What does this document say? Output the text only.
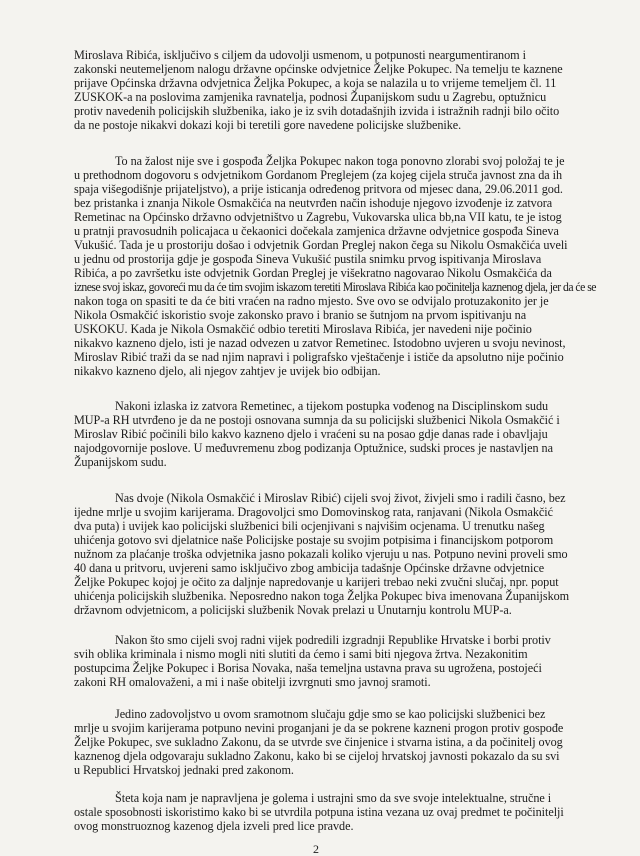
Miroslava Ribića, isključivo s ciljem da udovolji usmenom, u potpunosti neargumentiranom i
zakonski neutemeljenom nalogu državne općinske odvjetnice Željke Pokupec. Na temelju te kaznene
prijave Općinska državna odvjetnica Željka Pokupec, a koja se nalazila u to vrijeme temeljem čl. 11
ZUSKOK-a na poslovima zamjenika ravnatelja, podnosi Županijskom sudu u Zagrebu, optužnicu
protiv navedenih policijskih službenika, iako je iz svih dotadašnjih izvida i istražnih radnji bilo očito
da ne postoje nikakvi dokazi koji bi teretili gore navedene policijske službenike.
To na žalost nije sve i gospođa Željka Pokupec nakon toga ponovno zlorabi svoj položaj te je
u prethodnom dogovoru s odvjetnikom Gordanom Preglejem (za kojeg cijela struča javnost zna da ih
spaja višegodišnje prijateljstvo), a prije isticanja određenog pritvora od mjesec dana, 29.06.2011 god.
bez pristanka i znanja Nikole Osmakčića na neutvrđen način ishoduje njegovo izvođenje iz zatvora
Remetinac na Općinsko državno odvjetništvo u Zagrebu, Vukovarska ulica bb,na VII katu, te je istog
u pratnji pravosudnih policajaca u čekaonici dočekala zamjenica državne odvjetnice gospođa Sineva
Vukušić. Tada je u prostoriju došao i odvjetnik Gordan Preglej nakon čega su Nikolu Osmakčića uveli
u jednu od prostorija gdje je gospođa Sineva Vukušić pustila snimku prvog ispitivanja Miroslava
Ribića, a po završetku iste odvjetnik Gordan Preglej je višekratno nagovarao Nikolu Osmakčića da
iznese svoj iskaz, govoreći mu da će tim svojim iskazom teretiti Miroslava Ribića kao počinitelja kaznenog djela, jer da će se
nakon toga on spasiti te da će biti vraćen na radno mjesto. Sve ovo se odvijalo protuzakonito jer je
Nikola Osmakčić iskoristio svoje zakonsko pravo i branio se šutnjom na prvom ispitivanju na
USKOKU. Kada je Nikola Osmakčić odbio teretiti Miroslava Ribića, jer navedeni nije počinio
nikakvo kazneno djelo, isti je nazad odvezen u zatvor Remetinec. Istodobno uvjeren u svoju nevinost,
Miroslav Ribić traži da se nad njim napravi i poligrafsko vještačenje i ističe da apsolutno nije počinio
nikakvo kazneno djelo, ali njegov zahtjev je uvijek bio odbijan.
Nakoni izlaska iz zatvora Remetinec, a tijekom postupka vođenog na Disciplinskom sudu
MUP-a RH utvrđeno je da ne postoji osnovana sumnja da su policijski službenici Nikola Osmakčić i
Miroslav Ribić počinili bilo kakvo kazneno djelo i vraćeni su na posao gdje danas rade i obavljaju
najodgovornije poslove. U međuvremenu zbog podizanja Optužnice, sudski proces je nastavljen na
Županijskom sudu.
Nas dvoje (Nikola Osmakčić i Miroslav Ribić) cijeli svoj život, živjeli smo i radili časno, bez
ijedne mrlje u svojim karijerama. Dragovoljci smo Domovinskog rata, ranjavani (Nikola Osmakčić
dva puta) i uvijek kao policijski službenici bili ocjenjivani s najvišim ocjenama. U trenutku našeg
uhićenja gotovo svi djelatnice naše Policijske postaje su svojim potpisima i financijskom potporom
nužnom za plaćanje troška odvjetnika jasno pokazali koliko vjeruju u nas. Potpuno nevini proveli smo
40 dana u pritvoru, uvjereni samo isključivo zbog ambicija tadašnje Općinske državne odvjetnice
Željke Pokupec kojoj je očito za daljnje napredovanje u karijeri trebao neki zvučni slučaj, npr. poput
uhićenja policijskih službenika. Neposredno nakon toga Željka Pokupec biva imenovana Županijskom
državnom odvjetnicom, a policijski službenik Novak prelazi u Unutarnju kontrolu MUP-a.
Nakon što smo cijeli svoj radni vijek podredili izgradnji Republike Hrvatske i borbi protiv
svih oblika kriminala i nismo mogli niti slutiti da ćemo i sami biti njegova žrtva. Nezakonitim
postupcima Željke Pokupec i Borisa Novaka, naša temeljna ustavna prava su ugrožena, postojeći
zakoni RH omalovaženi, a mi i naše obitelji izvrgnuti smo javnoj sramoti.
Jedino zadovoljstvo u ovom sramotnom slučaju gdje smo se kao policijski službenici bez
mrlje u svojim karijerama potpuno nevini proganjani je da se pokrene kazneni progon protiv gospođe
Željke Pokupec, sve sukladno Zakonu, da se utvrde sve činjenice i stvarna istina, a da počinitelj ovog
kaznenog djela odgovaraju sukladno Zakonu, kako bi se cijeloj hrvatskoj javnosti pokazalo da su svi
u Republici Hrvatskoj jednaki pred zakonom.
Šteta koja nam je napravljena je golema i ustrajni smo da sve svoje intelektualne, stručne i
ostale sposobnosti iskoristimo kako bi se utvrdila potpuna istina vezana uz ovaj predmet te počinitelji
ovog monstruoznog kazenog djela izveli pred lice pravde.
2
